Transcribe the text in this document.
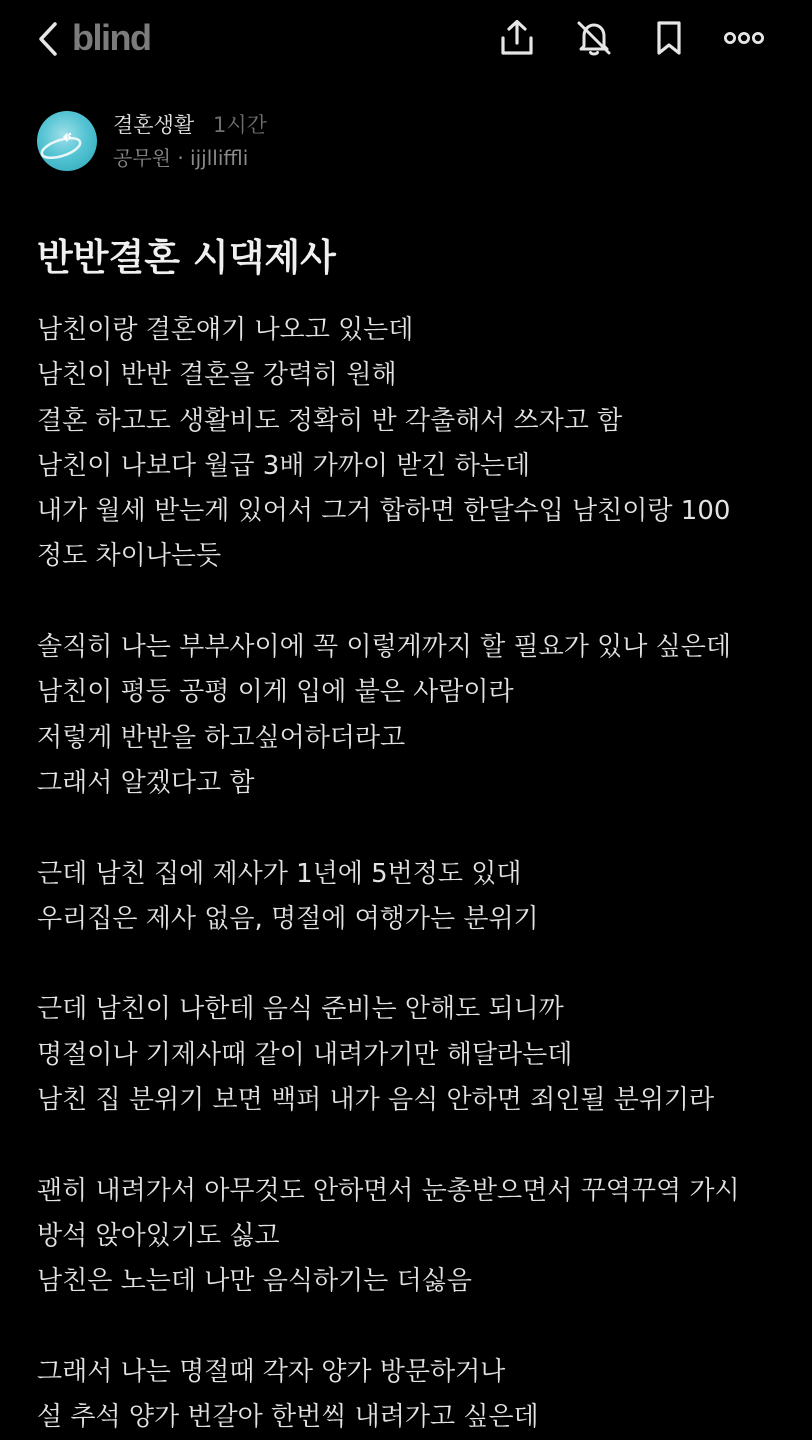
blind
결혼생활 1시간
공무원 · ijjlliffli
반반결혼 시댁제사
남친이랑 결혼얘기 나오고 있는데
남친이 반반 결혼을 강력히 원해
결혼 하고도 생활비도 정확히 반 각출해서 쓰자고 함
남친이 나보다 월급 3배 가까이 받긴 하는데
내가 월세 받는게 있어서 그거 합하면 한달수입 남친이랑 100
정도 차이나는듯

솔직히 나는 부부사이에 꼭 이렇게까지 할 필요가 있나 싶은데
남친이 평등 공평 이게 입에 붙은 사람이라
저렇게 반반을 하고싶어하더라고
그래서 알겠다고 함

근데 남친 집에 제사가 1년에 5번정도 있대
우리집은 제사 없음, 명절에 여행가는 분위기

근데 남친이 나한테 음식 준비는 안해도 되니까
명절이나 기제사때 같이 내려가기만 해달라는데
남친 집 분위기 보면 백퍼 내가 음식 안하면 죄인될 분위기라

괜히 내려가서 아무것도 안하면서 눈총받으면서 꾸역꾸역 가시
방석 앉아있기도 싫고
남친은 노는데 나만 음식하기는 더싫음

그래서 나는 명절때 각자 양가 방문하거나
설 추석 양가 번갈아 한번씩 내려가고 싶은데
